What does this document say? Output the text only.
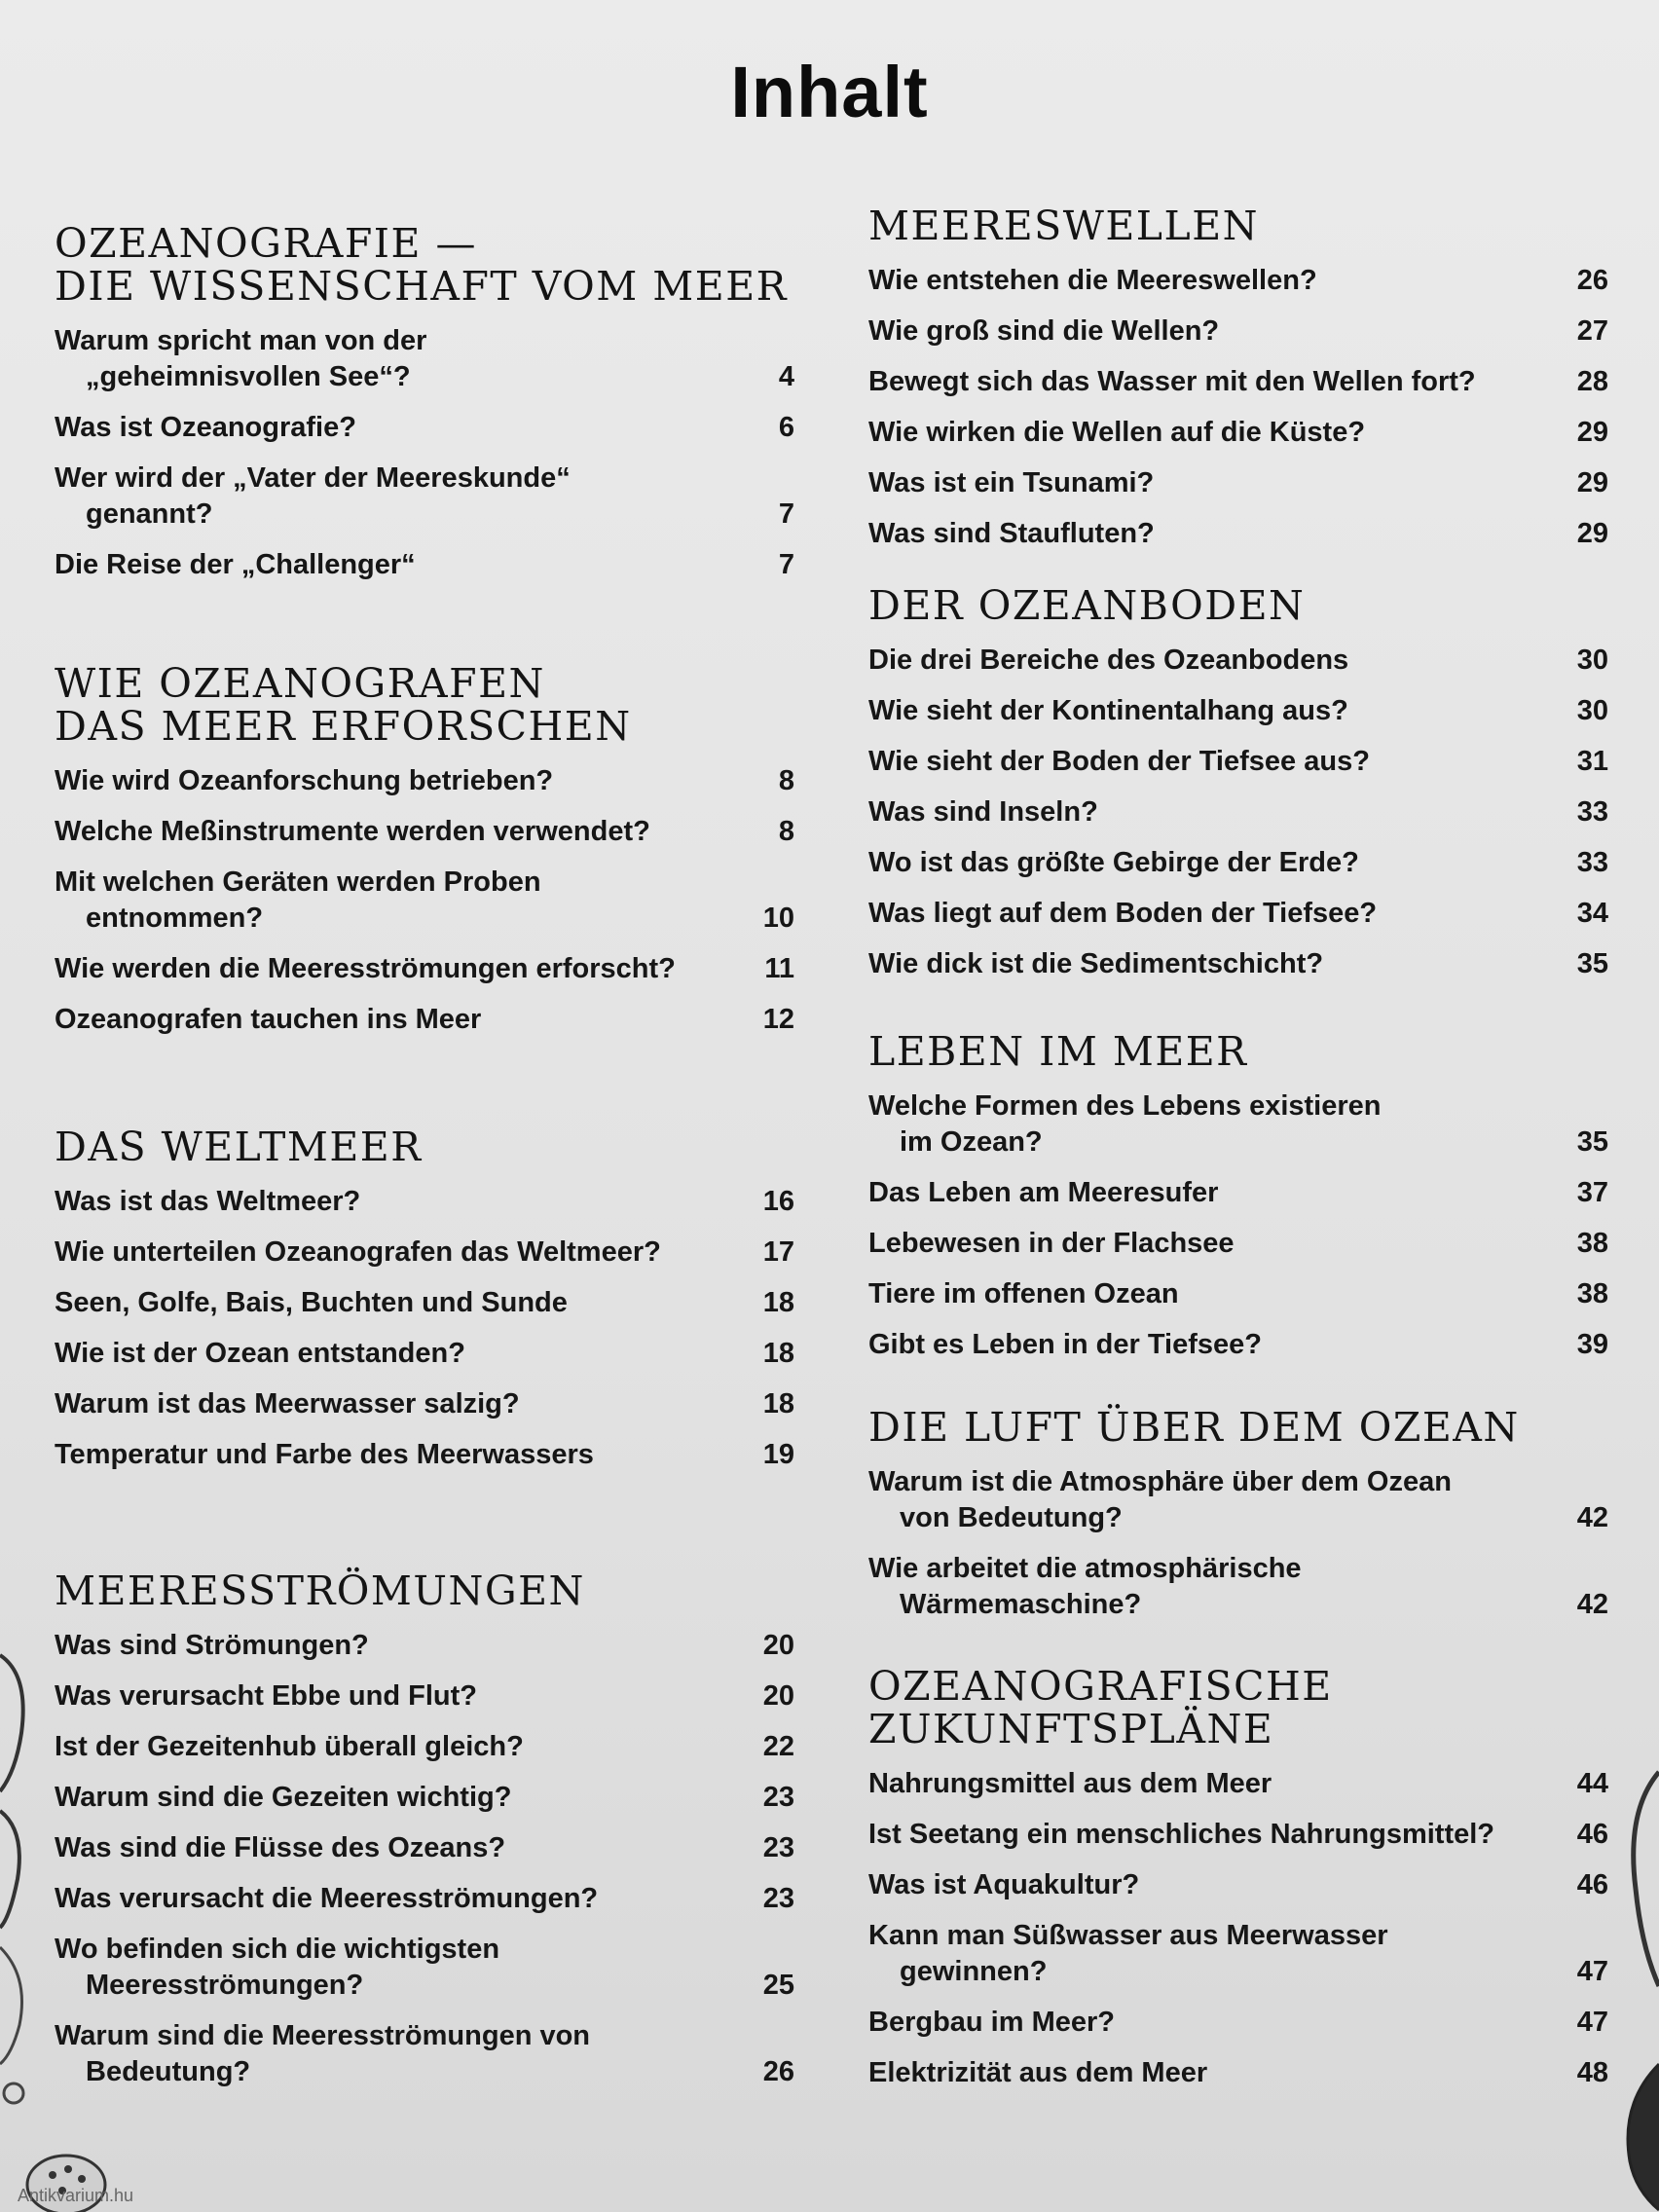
Inhalt
OZEANOGRAFIE —
DIE WISSENSCHAFT VOM MEER
Warum spricht man von der
„geheimnisvollen See“?	4
Was ist Ozeanografie?	6
Wer wird der „Vater der Meereskunde“
genannt?	7
Die Reise der „Challenger“	7
WIE OZEANOGRAFEN
DAS MEER ERFORSCHEN
Wie wird Ozeanforschung betrieben?	8
Welche Meßinstrumente werden verwendet?	8
Mit welchen Geräten werden Proben
entnommen?	10
Wie werden die Meeresströmungen erforscht?	11
Ozeanografen tauchen ins Meer	12
DAS WELTMEER
Was ist das Weltmeer?	16
Wie unterteilen Ozeanografen das Weltmeer?	17
Seen, Golfe, Bais, Buchten und Sunde	18
Wie ist der Ozean entstanden?	18
Warum ist das Meerwasser salzig?	18
Temperatur und Farbe des Meerwassers	19
MEERESSTRÖMUNGEN
Was sind Strömungen?	20
Was verursacht Ebbe und Flut?	20
Ist der Gezeitenhub überall gleich?	22
Warum sind die Gezeiten wichtig?	23
Was sind die Flüsse des Ozeans?	23
Was verursacht die Meeresströmungen?	23
Wo befinden sich die wichtigsten
Meeresströmungen?	25
Warum sind die Meeresströmungen von
Bedeutung?	26
MEERESWELLEN
Wie entstehen die Meereswellen?	26
Wie groß sind die Wellen?	27
Bewegt sich das Wasser mit den Wellen fort?	28
Wie wirken die Wellen auf die Küste?	29
Was ist ein Tsunami?	29
Was sind Staufluten?	29
DER OZEANBODEN
Die drei Bereiche des Ozeanbodens	30
Wie sieht der Kontinentalhang aus?	30
Wie sieht der Boden der Tiefsee aus?	31
Was sind Inseln?	33
Wo ist das größte Gebirge der Erde?	33
Was liegt auf dem Boden der Tiefsee?	34
Wie dick ist die Sedimentschicht?	35
LEBEN IM MEER
Welche Formen des Lebens existieren
im Ozean?	35
Das Leben am Meeresufer	37
Lebewesen in der Flachsee	38
Tiere im offenen Ozean	38
Gibt es Leben in der Tiefsee?	39
DIE LUFT ÜBER DEM OZEAN
Warum ist die Atmosphäre über dem Ozean
von Bedeutung?	42
Wie arbeitet die atmosphärische
Wärmemaschine?	42
OZEANOGRAFISCHE
ZUKUNFTSPLÄNE
Nahrungsmittel aus dem Meer	44
Ist Seetang ein menschliches Nahrungsmittel?	46
Was ist Aquakultur?	46
Kann man Süßwasser aus Meerwasser
gewinnen?	47
Bergbau im Meer?	47
Elektrizität aus dem Meer	48
Antikvarium.hu
